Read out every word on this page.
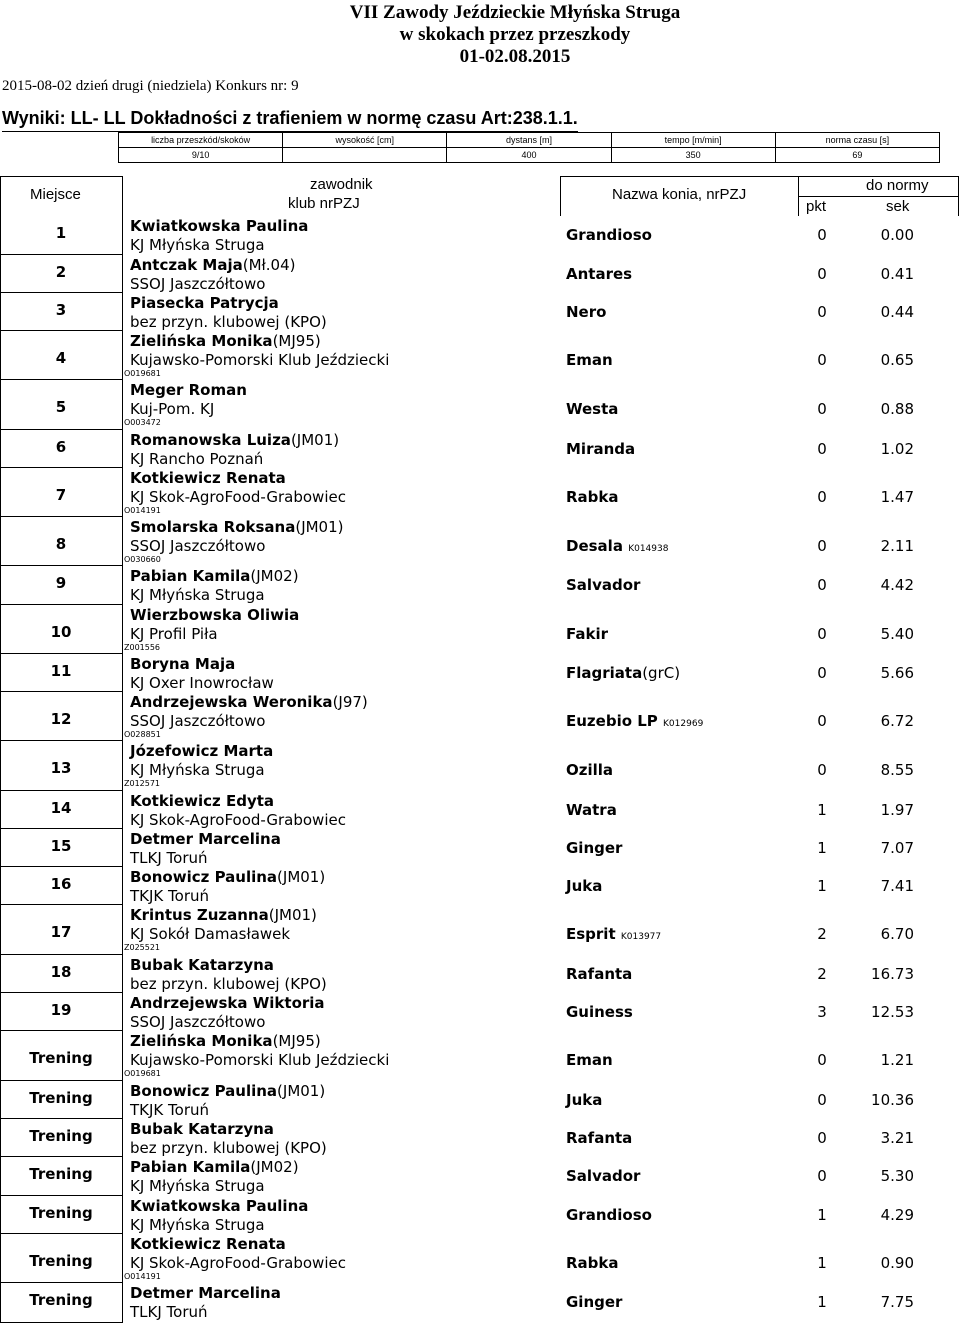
VII Zawody Jeździeckie Młyńska Struga
w skokach przez przeszkody
01-02.08.2015
2015-08-02 dzień drugi (niedziela) Konkurs nr: 9
Wyniki: LL- LL Dokładności z trafieniem w normę czasu Art:238.1.1.
liczba przeszkód/skoków	wysokość [cm]	dystans [m]	tempo [m/min]	norma czasu [s]
9/10		400	350	69
Miejsce
zawodnik
klub nrPZJ
Nazwa konia, nrPZJ
do normy
pkt	sek
1	Kwiatkowska Paulina
KJ Młyńska Struga
Grandioso	0	0.00
2	Antczak Maja(Mł.04)
SSOJ Jaszczółtowo
Antares	0	0.41
3	Piasecka Patrycja
bez przyn. klubowej (KPO)
Nero	0	0.44
4
Zielińska Monika(MJ95)
Kujawsko-Pomorski Klub Jeździecki
O019681
Eman	0	0.65
5
Meger Roman
Kuj-Pom. KJ
O003472
Westa	0	0.88
6	Romanowska Luiza(JM01)
KJ Rancho Poznań
Miranda	0	1.02
7
Kotkiewicz Renata
KJ Skok-AgroFood-Grabowiec
O014191
Rabka	0	1.47
8
Smolarska Roksana(JM01)
SSOJ Jaszczółtowo
O030660
Desala K014938	0	2.11
9	Pabian Kamila(JM02)
KJ Młyńska Struga
Salvador	0	4.42
10
Wierzbowska Oliwia
KJ Profil Piła
Z001556
Fakir	0	5.40
11	Boryna Maja
KJ Oxer Inowrocław
Flagriata(grC)	0	5.66
12
Andrzejewska Weronika(J97)
SSOJ Jaszczółtowo
O028851
Euzebio LP K012969	0	6.72
13
Józefowicz Marta
KJ Młyńska Struga
Z012571
Ozilla	0	8.55
14	Kotkiewicz Edyta
KJ Skok-AgroFood-Grabowiec
Watra	1	1.97
15	Detmer Marcelina
TLKJ Toruń
Ginger	1	7.07
16	Bonowicz Paulina(JM01)
TKJK Toruń
Juka	1	7.41
17
Krintus Zuzanna(JM01)
KJ Sokół Damasławek
Z025521
Esprit K013977	2	6.70
18	Bubak Katarzyna
bez przyn. klubowej (KPO)
Rafanta	2	16.73
19	Andrzejewska Wiktoria
SSOJ Jaszczółtowo
Guiness	3	12.53
Trening
Zielińska Monika(MJ95)
Kujawsko-Pomorski Klub Jeździecki
O019681
Eman	0	1.21
Trening	Bonowicz Paulina(JM01)
TKJK Toruń
Juka	0	10.36
Trening	Bubak Katarzyna
bez przyn. klubowej (KPO)
Rafanta	0	3.21
Trening	Pabian Kamila(JM02)
KJ Młyńska Struga
Salvador	0	5.30
Trening	Kwiatkowska Paulina
KJ Młyńska Struga
Grandioso	1	4.29
Trening
Kotkiewicz Renata
KJ Skok-AgroFood-Grabowiec
O014191
Rabka	1	0.90
Trening	Detmer Marcelina
TLKJ Toruń
Ginger	1	7.75
